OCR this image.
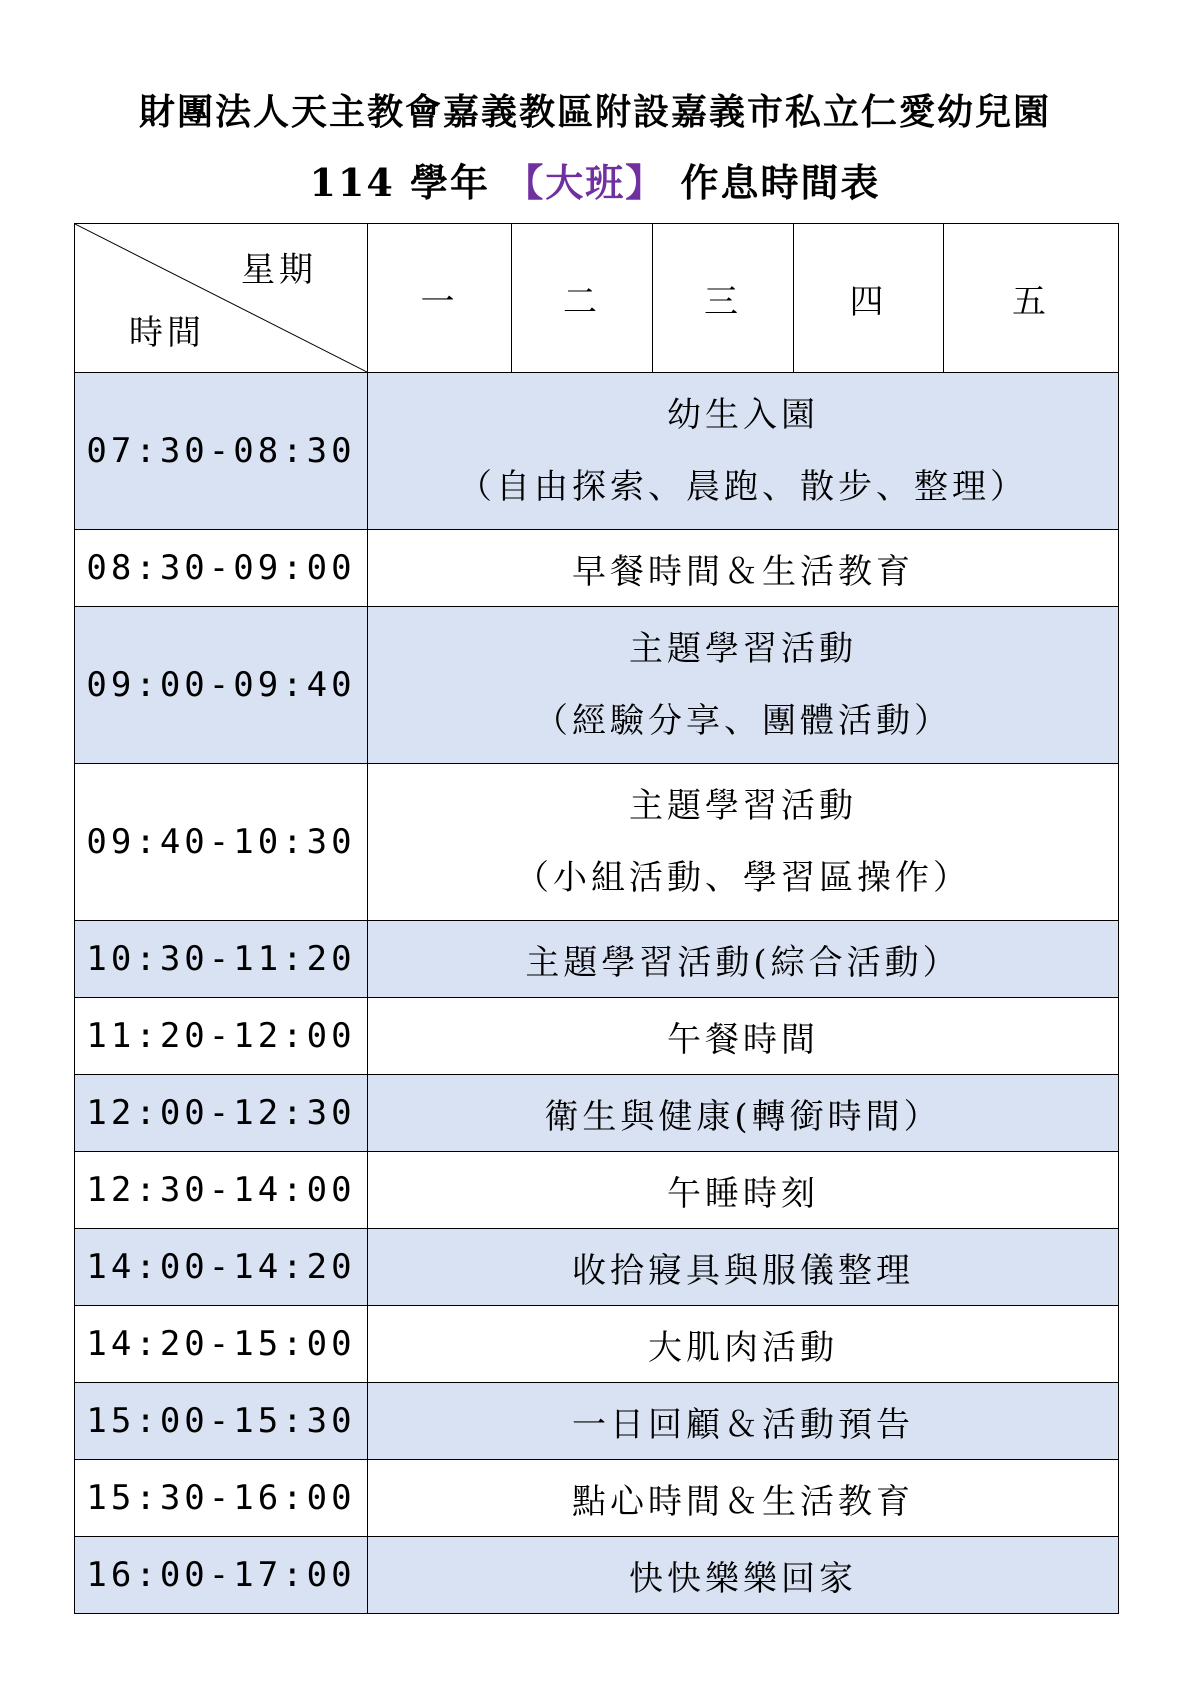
財團法人天主教會嘉義教區附設嘉義市私立仁愛幼兒園
114 學年 【大班】 作息時間表
星期
時間	一	二	三	四	五
07:30-08:30	幼生入園
（自由探索、晨跑、散步、整理）				

08:30-09:00	早餐時間＆生活教育				
09:00-09:40	主題學習活動
（經驗分享、團體活動）				

09:40-10:30	主題學習活動
（小組活動、學習區操作）				

10:30-11:20	主題學習活動(綜合活動）				
11:20-12:00	午餐時間				
12:00-12:30	衛生與健康(轉銜時間）				
12:30-14:00	午睡時刻				
14:00-14:20	收拾寢具與服儀整理				
14:20-15:00	大肌肉活動				
15:00-15:30	一日回顧＆活動預告				
15:30-16:00	點心時間＆生活教育				
16:00-17:00	快快樂樂回家				
